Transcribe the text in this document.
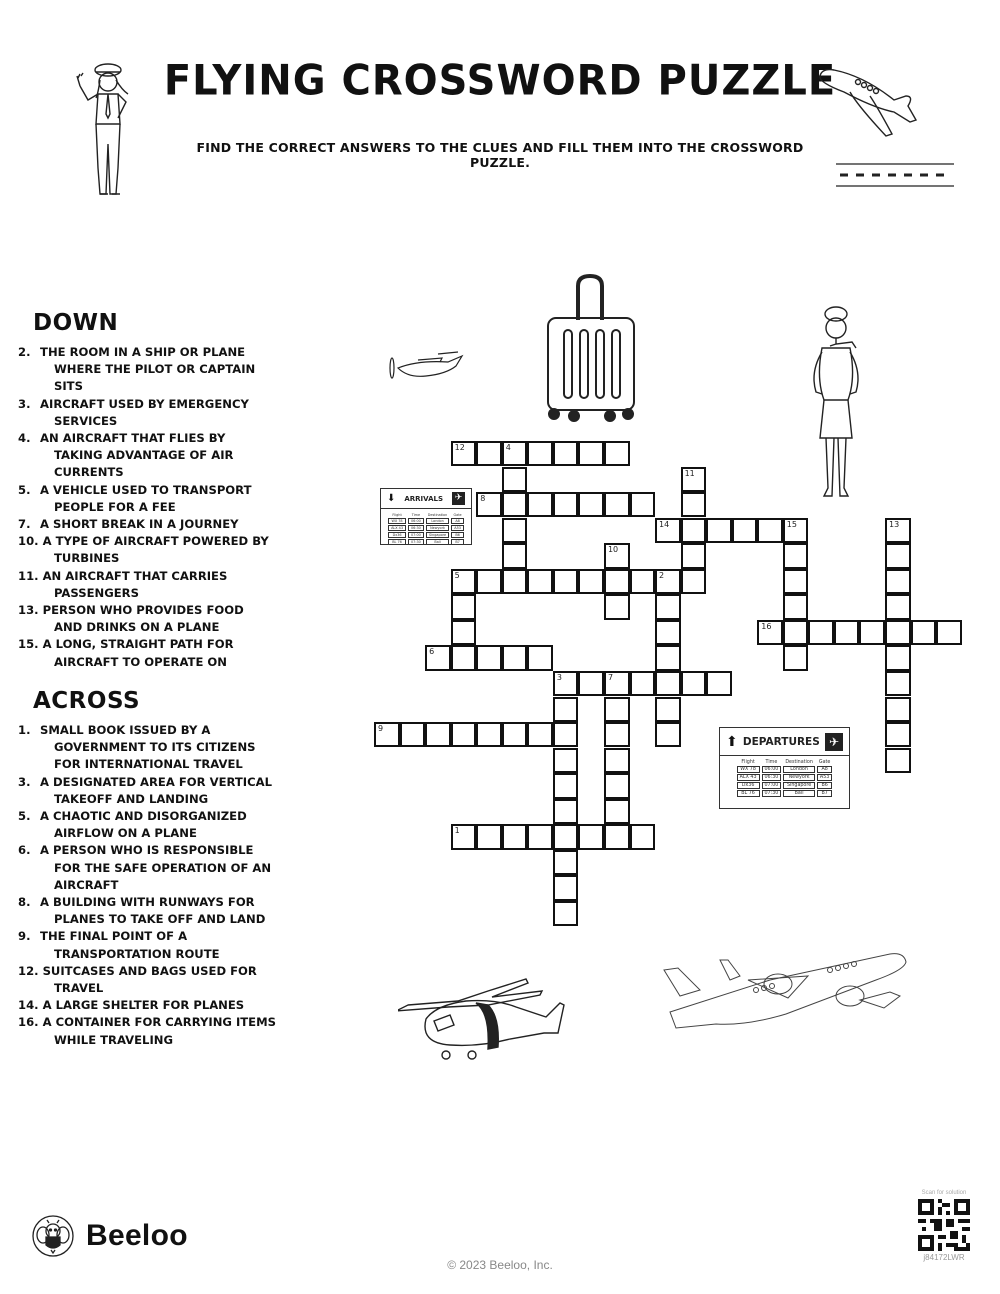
FLYING CROSSWORD PUZZLE
FIND THE CORRECT ANSWERS TO THE CLUES AND FILL THEM INTO THE CROSSWORD PUZZLE.
DOWN
2. THE ROOM IN A SHIP OR PLANE WHERE THE PILOT OR CAPTAIN SITS
3. AIRCRAFT USED BY EMERGENCY SERVICES
4. AN AIRCRAFT THAT FLIES BY TAKING ADVANTAGE OF AIR CURRENTS
5. A VEHICLE USED TO TRANSPORT PEOPLE FOR A FEE
7. A SHORT BREAK IN A JOURNEY
10. A TYPE OF AIRCRAFT POWERED BY TURBINES
11. AN AIRCRAFT THAT CARRIES PASSENGERS
13. PERSON WHO PROVIDES FOOD AND DRINKS ON A PLANE
15. A LONG, STRAIGHT PATH FOR AIRCRAFT TO OPERATE ON
ACROSS
1. SMALL BOOK ISSUED BY A GOVERNMENT TO ITS CITIZENS FOR INTERNATIONAL TRAVEL
3. A DESIGNATED AREA FOR VERTICAL TAKEOFF AND LANDING
5. A CHAOTIC AND DISORGANIZED AIRFLOW ON A PLANE
6. A PERSON WHO IS RESPONSIBLE FOR THE SAFE OPERATION OF AN AIRCRAFT
8. A BUILDING WITH RUNWAYS FOR PLANES TO TAKE OFF AND LAND
9. THE FINAL POINT OF A TRANSPORTATION ROUTE
12. SUITCASES AND BAGS USED FOR TRAVEL
14. A LARGE SHELTER FOR PLANES
16. A CONTAINER FOR CARRYING ITEMS WHILE TRAVELING
12	4
11
8
14	15	13
10
5	2
16
6
3	7
9
1
⬇ ARRIVALS	✈
Flight	Time	Destination	Gate
WX 78	06:00	London	A8
ALX 43	06:30	Newyork	A53
Dx36	07:00	Singapore	B6
BL 76	07:30	Bali	B7
⬆ DEPARTURES ✈
Flight	Time	Destination	Gate
WX 78	06:00	London	A8
ALX 43	06:30	Newyork	A53
Dx36	07:00	Singapore	B6
BL 76	07:30	Bali	B7
Beeloo
© 2023 Beeloo, Inc.
Scan for solution
j84172LWR
